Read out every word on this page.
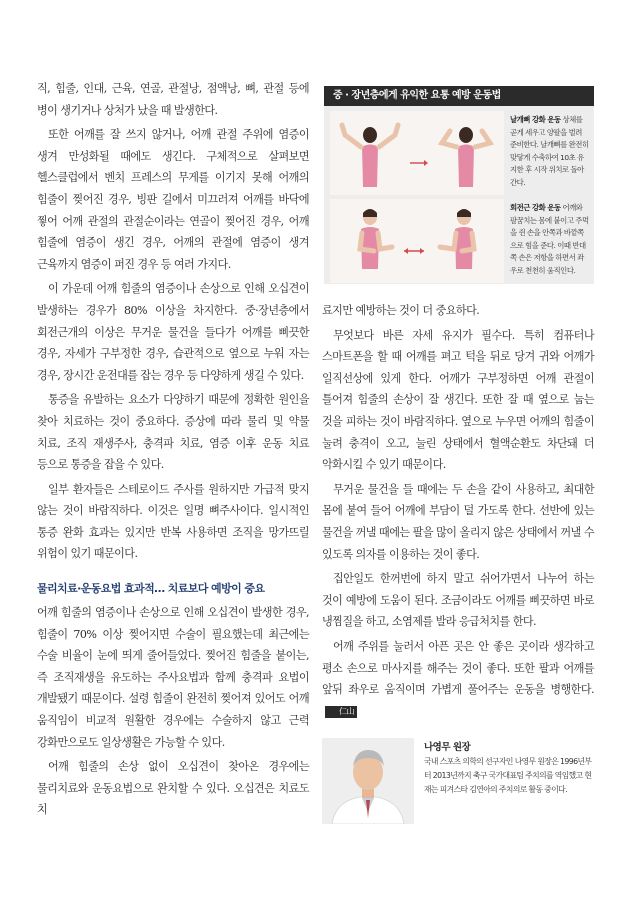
직, 힘줄, 인대, 근육, 연골, 관절낭, 점액낭, 뼈, 관절 등에 병이 생기거나 상처가 났을 때 발생한다.

또한 어깨를 잘 쓰지 않거나, 어깨 관절 주위에 염증이 생겨 만성화될 때에도 생긴다. 구체적으로 살펴보면 헬스클럽에서 벤치 프레스의 무게를 이기지 못해 어깨의 힘줄이 찢어진 경우, 빙판 길에서 미끄러져 어깨를 바닥에 찧어 어깨 관절의 관절순이라는 연골이 찢어진 경우, 어깨 힘줄에 염증이 생긴 경우, 어깨의 관절에 염증이 생겨 근육까지 염증이 퍼진 경우 등 여러 가지다.

이 가운데 어깨 힘줄의 염증이나 손상으로 인해 오십견이 발생하는 경우가 80% 이상을 차지한다. 중·장년층에서 회전근개의 이상은 무거운 물건을 들다가 어깨를 삐끗한 경우, 자세가 구부정한 경우, 습관적으로 옆으로 누워 자는 경우, 장시간 운전대를 잡는 경우 등 다양하게 생길 수 있다.

통증을 유발하는 요소가 다양하기 때문에 정확한 원인을 찾아 치료하는 것이 중요하다. 증상에 따라 물리 및 약물 치료, 조직 재생주사, 충격파 치료, 염증 이후 운동 치료 등으로 통증을 잡을 수 있다.

일부 환자들은 스테로이드 주사를 원하지만 가급적 맞지 않는 것이 바람직하다. 이것은 일명 뼈주사이다. 일시적인 통증 완화 효과는 있지만 반복 사용하면 조직을 망가뜨릴 위험이 있기 때문이다.

물리치료·운동요법 효과적… 치료보다 예방이 중요

어깨 힘줄의 염증이나 손상으로 인해 오십견이 발생한 경우, 힘줄이 70% 이상 찢어지면 수술이 필요했는데 최근에는 수술 비율이 눈에 띄게 줄어들었다. 찢어진 힘줄을 붙이는, 즉 조직재생을 유도하는 주사요법과 함께 충격파 요법이 개발됐기 때문이다. 설령 힘줄이 완전히 찢어져 있어도 어깨 움직임이 비교적 원활한 경우에는 수술하지 않고 근력 강화만으로도 일상생활은 가능할 수 있다.

어깨 힘줄의 손상 없이 오십견이 찾아온 경우에는 물리치료와 운동요법으로 완치할 수 있다. 오십견은 치료도 치

중 · 장년층에게 유익한 요통 예방 운동법
날개뼈 강화 운동 상체를 곧게 세우고 양팔을 벌려 준비한다. 날개뼈를 완전히 맞닿게 수축하여 10초 유지한 후 시작 위치로 돌아간다.
회전근 강화 운동 어깨와 팔꿈치는 몸에 붙이고 주먹을 쥔 손을 안쪽과 바깥쪽으로 힘을 준다. 이때 반대쪽 손은 저항을 하면서 좌우로 천천히 움직인다.

료지만 예방하는 것이 더 중요하다.

무엇보다 바른 자세 유지가 필수다. 특히 컴퓨터나 스마트폰을 할 때 어깨를 펴고 턱을 뒤로 당겨 귀와 어깨가 일직선상에 있게 한다. 어깨가 구부정하면 어깨 관절이 틀어져 힘줄의 손상이 잘 생긴다. 또한 잘 때 옆으로 눕는 것을 피하는 것이 바람직하다. 옆으로 누우면 어깨의 힘줄이 눌려 충격이 오고, 눌린 상태에서 혈액순환도 차단돼 더 악화시킬 수 있기 때문이다.

무거운 물건을 들 때에는 두 손을 같이 사용하고, 최대한 몸에 붙여 들어 어깨에 부담이 덜 가도록 한다. 선반에 있는 물건을 꺼낼 때에는 팔을 많이 올리지 않은 상태에서 꺼낼 수 있도록 의자를 이용하는 것이 좋다.

집안일도 한꺼번에 하지 말고 쉬어가면서 나누어 하는 것이 예방에 도움이 된다. 조금이라도 어깨를 삐끗하면 바로 냉찜질을 하고, 소염제를 발라 응급처치를 한다.

어깨 주위를 눌러서 아픈 곳은 안 좋은 곳이라 생각하고 평소 손으로 마사지를 해주는 것이 좋다. 또한 팔과 어깨를 앞뒤 좌우로 움직이며 가볍게 풀어주는 운동을 병행한다.仁山

나영무 원장
국내 스포츠 의학의 선구자인 나영무 원장은 1996년부터 2013년까지 축구 국가대표팀 주치의를 역임했고 현재는 피겨스타 김연아의 주치의로 활동 중이다.
